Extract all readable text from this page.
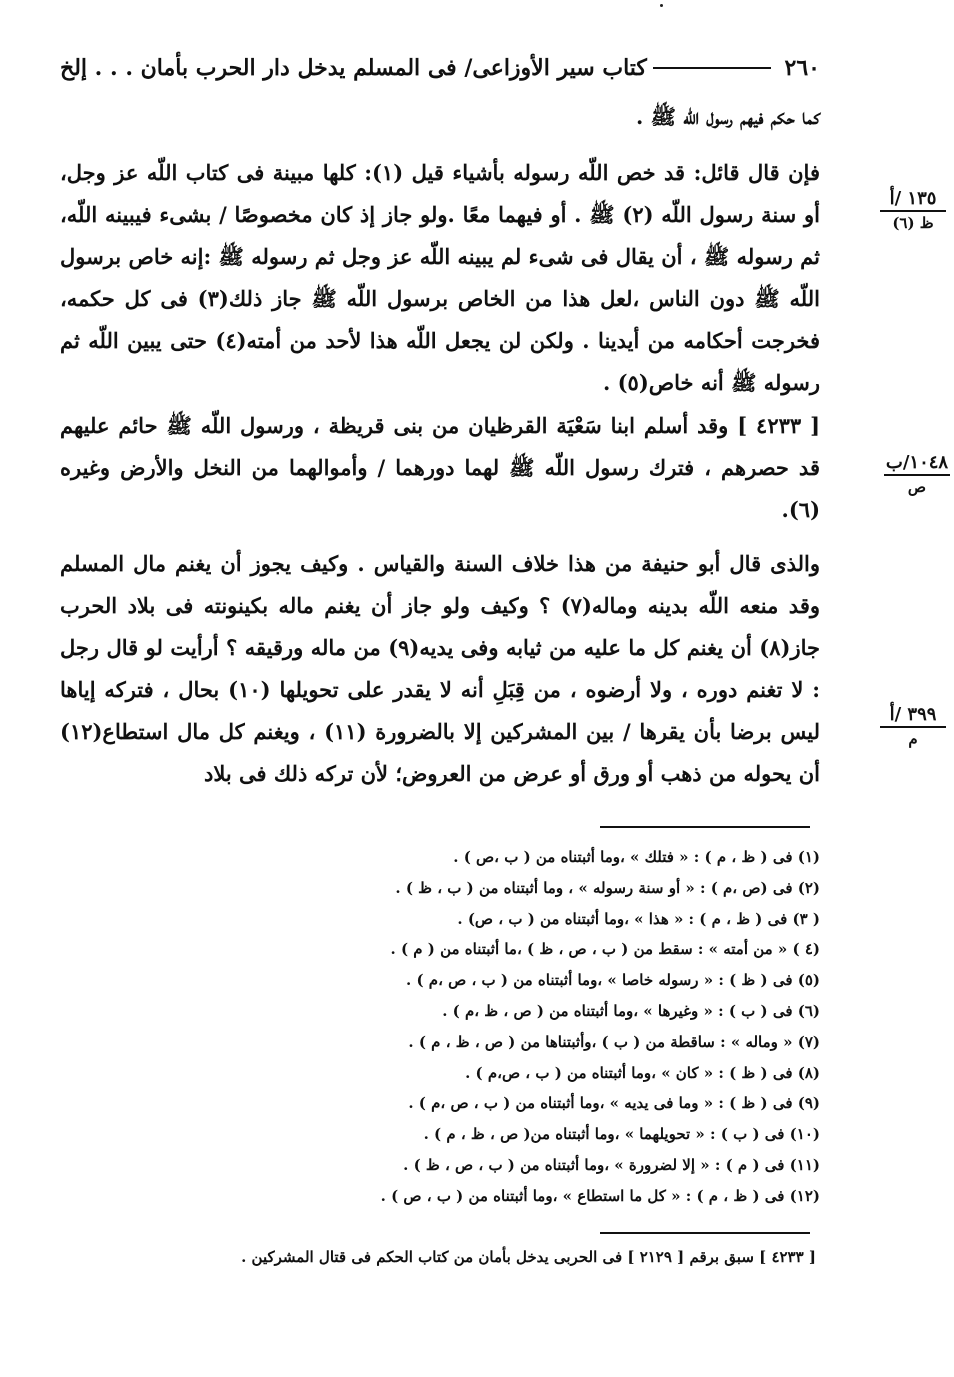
٢٦٠
كتاب سير الأوزاعى/ فى المسلم يدخل دار الحرب بأمان . . . إلخ
كما حكم فيهم رسول اللّه ﷺ .
فإن قال قائل: قد خص اللّه رسوله بأشياء قيل (١): كلها مبينة فى كتاب اللّه عز وجل، أو سنة رسول اللّه (٢) ﷺ . أو فيهما معًا .ولو جاز إذ كان مخصوصًا / بشىء فيبينه اللّه، ثم رسوله ﷺ ، أن يقال فى شىء لم يبينه اللّه عز وجل ثم رسوله ﷺ :إنه خاص برسول اللّه ﷺ دون الناس ،لعل هذا من الخاص برسول اللّه ﷺ جاز ذلك(٣) فى كل حكمه، فخرجت أحكامه من أيدينا . ولكن لن يجعل اللّه هذا لأحد من أمته(٤) حتى يبين اللّه ثم رسوله ﷺ أنه خاص(٥) .
[ ٤٢٣٣ ] وقد أسلم ابنا سَعْيَة القرظيان من بنى قريظة ، ورسول اللّه ﷺ حائم عليهم قد حصرهم ، فترك رسول اللّه ﷺ لهما دورهما / وأموالهما من النخل والأرض وغيره (٦).
والذى قال أبو حنيفة من هذا خلاف السنة والقياس . وكيف يجوز أن يغنم مال المسلم وقد منعه اللّه بدينه وماله(٧) ؟ وكيف ولو جاز أن يغنم ماله بكينونته فى بلاد الحرب جاز(٨) أن يغنم كل ما عليه من ثيابه وفى يديه(٩) من ماله ورقيقه ؟ أرأيت لو قال رجل : لا تغنم دوره ، ولا أرضوه ، من قِبَلِ أنه لا يقدر على تحويلها (١٠) بحال ، فتركه إياها ليس برضا بأن يقرها / بين المشركين إلا بالضرورة (١١) ، ويغنم كل مال استطاع(١٢) أن يحوله من ذهب أو ورق أو عرض من العروض؛ لأن تركه ذلك فى بلاد
١٣٥ /أ
ظ (٦)
١٠٤٨/ب
ص
٣٩٩ /أ
م
(١) فى ( ظ ، م ) : « فتلك » ،وما أثبتناه من ( ب ،ص ) .
(٢) فى (ص ،م ) : « أو سنة رسوله » ، وما أثبتناه من ( ب ، ظ ) .
( ٣) فى ( ظ ، م ) : « هذا » ،وما أثبتناه من ( ب ، ص) .
(٤ ) « من أمته » : سقط من ( ب ، ص ، ظ ) ،ما أثبتناه من ( م ) .
(٥) فى ( ظ ) : « رسوله خاصا » ،وما أثبتناه من ( ب ، ص ،م ) .
(٦) فى ( ب ) : « وغيرها » ،وما أثبتناه من ( ص ، ظ ،م ) .
(٧) « وماله » : ساقطة من ( ب ) ،وأثبتناها من ( ص ، ظ ، م ) .
(٨) فى ( ظ ) : « كان » ،وما أثبتناه من ( ب ، ص،م ) .
(٩) فى ( ظ ) : « وما فى يديه » ،وما أثبتناه من ( ب ، ص ،م ) .
(١٠) فى ( ب ) : « تحويلهما » ،وما أثبتناه من( ص ، ظ ، م ) .
(١١) فى ( م ) : « إلا لضرورة » ،وما أثبتناه من ( ب ، ص ، ظ ) .
(١٢) فى ( ظ ، م ) : « كل ما استطاع » ،وما أثبتناه من ( ب ، ص ) .
[ ٤٢٣٣ ] سبق برقم [ ٢١٢٩ ] فى الحربى يدخل بأمان من كتاب الحكم فى قتال المشركين .
